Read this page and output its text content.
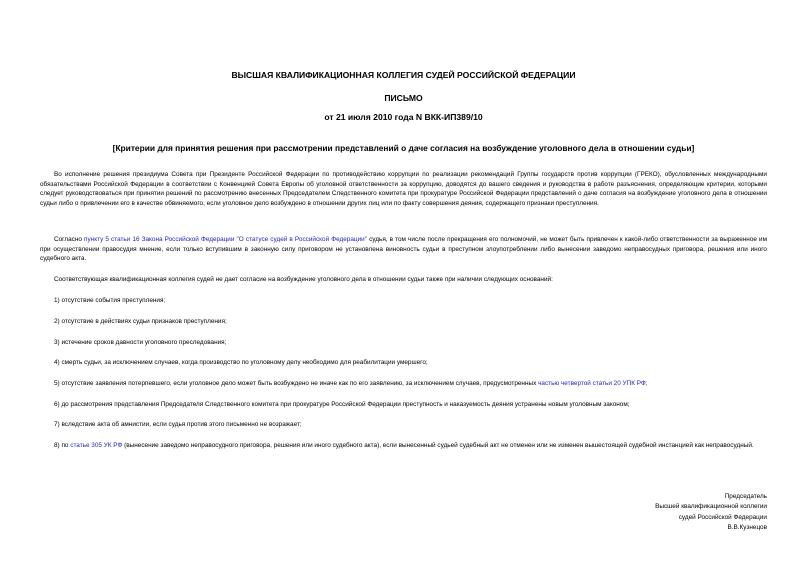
ВЫСШАЯ КВАЛИФИКАЦИОННАЯ КОЛЛЕГИЯ СУДЕЙ РОССИЙСКОЙ ФЕДЕРАЦИИ
ПИСЬМО
от 21 июля 2010 года N ВКК-ИП389/10
[Критерии для принятия решения при рассмотрении представлений о даче согласия на возбуждение уголовного дела в отношении судьи]

Во исполнение решения президиума Совета при Президенте Российской Федерации по противодействию коррупции по реализации рекомендаций Группы государств против коррупции (ГРЕКО), обусловленных международными обязательствами Российской Федерации в соответствии с Конвенцией Совета Европы об уголовной ответственности за коррупцию, доводятся до вашего сведения и руководства в работе разъяснения, определяющие критерии, которыми следует руководствоваться при принятии решений по рассмотрению внесенных Председателем Следственного комитета при прокуратуре Российской Федерации представлений о даче согласия на возбуждение уголовного дела в отношении судьи либо о привлечении его в качестве обвиняемого, если уголовное дело возбуждено в отношении других лиц или по факту совершения деяния, содержащего признаки преступления.

Согласно пункту 5 статьи 16 Закона Российской Федерации "О статусе судей в Российской Федерации" судья, в том числе после прекращения его полномочий, не может быть привлечен к какой-либо ответственности за выраженное им при осуществлении правосудия мнение, если только вступившим в законную силу приговором не установлена виновность судьи в преступном злоупотреблении либо вынесении заведомо неправосудных приговора, решения или иного судебного акта.

Соответствующая квалификационная коллегия судей не дает согласие на возбуждение уголовного дела в отношении судьи также при наличии следующих оснований:

1) отсутствие события преступления;

2) отсутствие в действиях судьи признаков преступления;

3) истечение сроков давности уголовного преследования;

4) смерть судьи, за исключением случаев, когда производство по уголовному делу необходимо для реабилитации умершего;

5) отсутствие заявления потерпевшего, если уголовное дело может быть возбуждено не иначе как по его заявлению, за исключением случаев, предусмотренных частью четвертой статьи 20 УПК РФ;

6) до рассмотрения представления Председателя Следственного комитета при прокуратуре Российской Федерации преступность и наказуемость деяния устранены новым уголовным законом;

7) вследствие акта об амнистии, если судья против этого письменно не возражает;

8) по статье 305 УК РФ (вынесение заведомо неправосудного приговора, решения или иного судебного акта), если вынесенный судьей судебный акт не отменен или не изменен вышестоящей судебной инстанцией как неправосудный.

Председатель
Высшей квалификационной коллегии
судей Российской Федерации
В.В.Кузнецов
